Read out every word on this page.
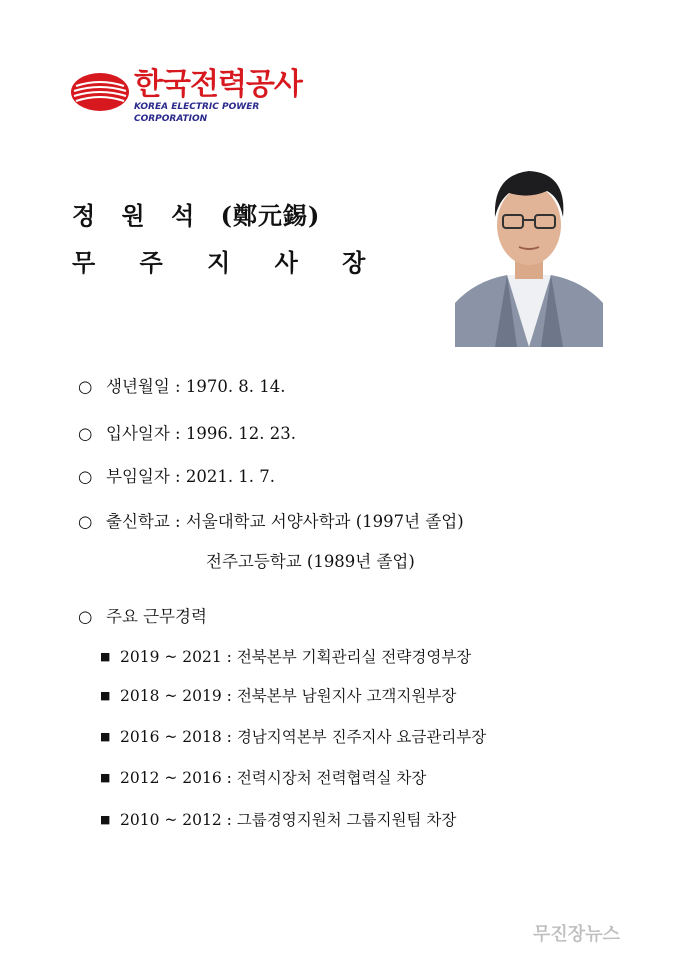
한국전력공사
KOREA ELECTRIC POWER CORPORATION
정 원 석 (鄭元錫)
무 주 지 사 장
○ 생년월일 : 1970. 8. 14.
○ 입사일자 : 1996. 12. 23.
○ 부임일자 : 2021. 1. 7.
○ 출신학교 : 서울대학교 서양사학과 (1997년 졸업)
전주고등학교 (1989년 졸업)
○ 주요 근무경력
■ 2019 ~ 2021 : 전북본부 기획관리실 전략경영부장
■ 2018 ~ 2019 : 전북본부 남원지사 고객지원부장
■ 2016 ~ 2018 : 경남지역본부 진주지사 요금관리부장
■ 2012 ~ 2016 : 전력시장처 전력협력실 차장
■ 2010 ~ 2012 : 그룹경영지원처 그룹지원팀 차장
무진장뉴스
